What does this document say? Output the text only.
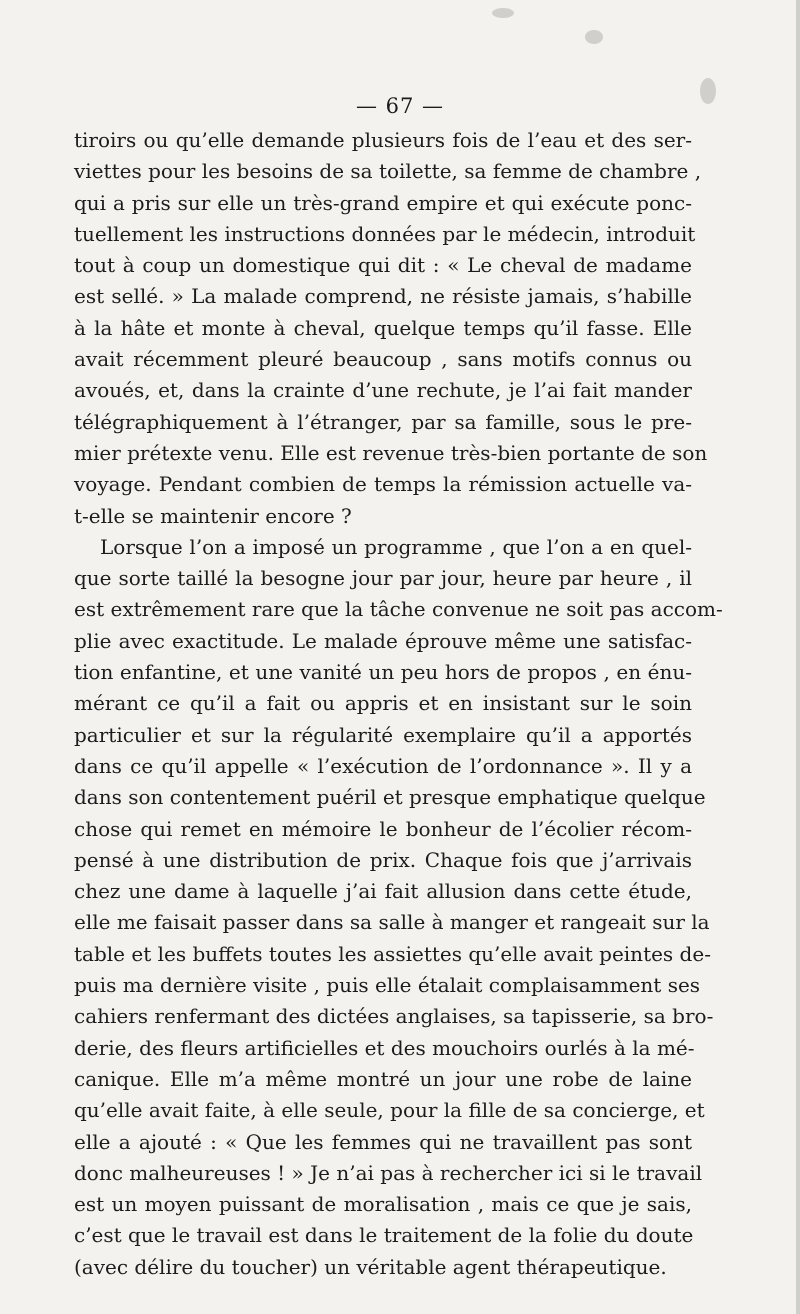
— 67 —
tiroirs ou qu’elle demande plusieurs fois de l’eau et des ser-
viettes pour les besoins de sa toilette, sa femme de chambre ,
qui a pris sur elle un très-grand empire et qui exécute ponc-
tuellement les instructions données par le médecin, introduit
tout à coup un domestique qui dit : « Le cheval de madame
est sellé. » La malade comprend, ne résiste jamais, s’habille
à la hâte et monte à cheval, quelque temps qu’il fasse. Elle
avait récemment pleuré beaucoup , sans motifs connus ou
avoués, et, dans la crainte d’une rechute, je l’ai fait mander
télégraphiquement à l’étranger, par sa famille, sous le pre-
mier prétexte venu. Elle est revenue très-bien portante de son
voyage. Pendant combien de temps la rémission actuelle va-
t-elle se maintenir encore ?
Lorsque l’on a imposé un programme , que l’on a en quel-
que sorte taillé la besogne jour par jour, heure par heure , il
est extrêmement rare que la tâche convenue ne soit pas accom-
plie avec exactitude. Le malade éprouve même une satisfac-
tion enfantine, et une vanité un peu hors de propos , en énu-
mérant ce qu’il a fait ou appris et en insistant sur le soin
particulier et sur la régularité exemplaire qu’il a apportés
dans ce qu’il appelle « l’exécution de l’ordonnance ». Il y a
dans son contentement puéril et presque emphatique quelque
chose qui remet en mémoire le bonheur de l’écolier récom-
pensé à une distribution de prix. Chaque fois que j’arrivais
chez une dame à laquelle j’ai fait allusion dans cette étude,
elle me faisait passer dans sa salle à manger et rangeait sur la
table et les buffets toutes les assiettes qu’elle avait peintes de-
puis ma dernière visite , puis elle étalait complaisamment ses
cahiers renfermant des dictées anglaises, sa tapisserie, sa bro-
derie, des fleurs artificielles et des mouchoirs ourlés à la mé-
canique. Elle m’a même montré un jour une robe de laine
qu’elle avait faite, à elle seule, pour la fille de sa concierge, et
elle a ajouté : « Que les femmes qui ne travaillent pas sont
donc malheureuses ! » Je n’ai pas à rechercher ici si le travail
est un moyen puissant de moralisation , mais ce que je sais,
c’est que le travail est dans le traitement de la folie du doute
(avec délire du toucher) un véritable agent thérapeutique.
